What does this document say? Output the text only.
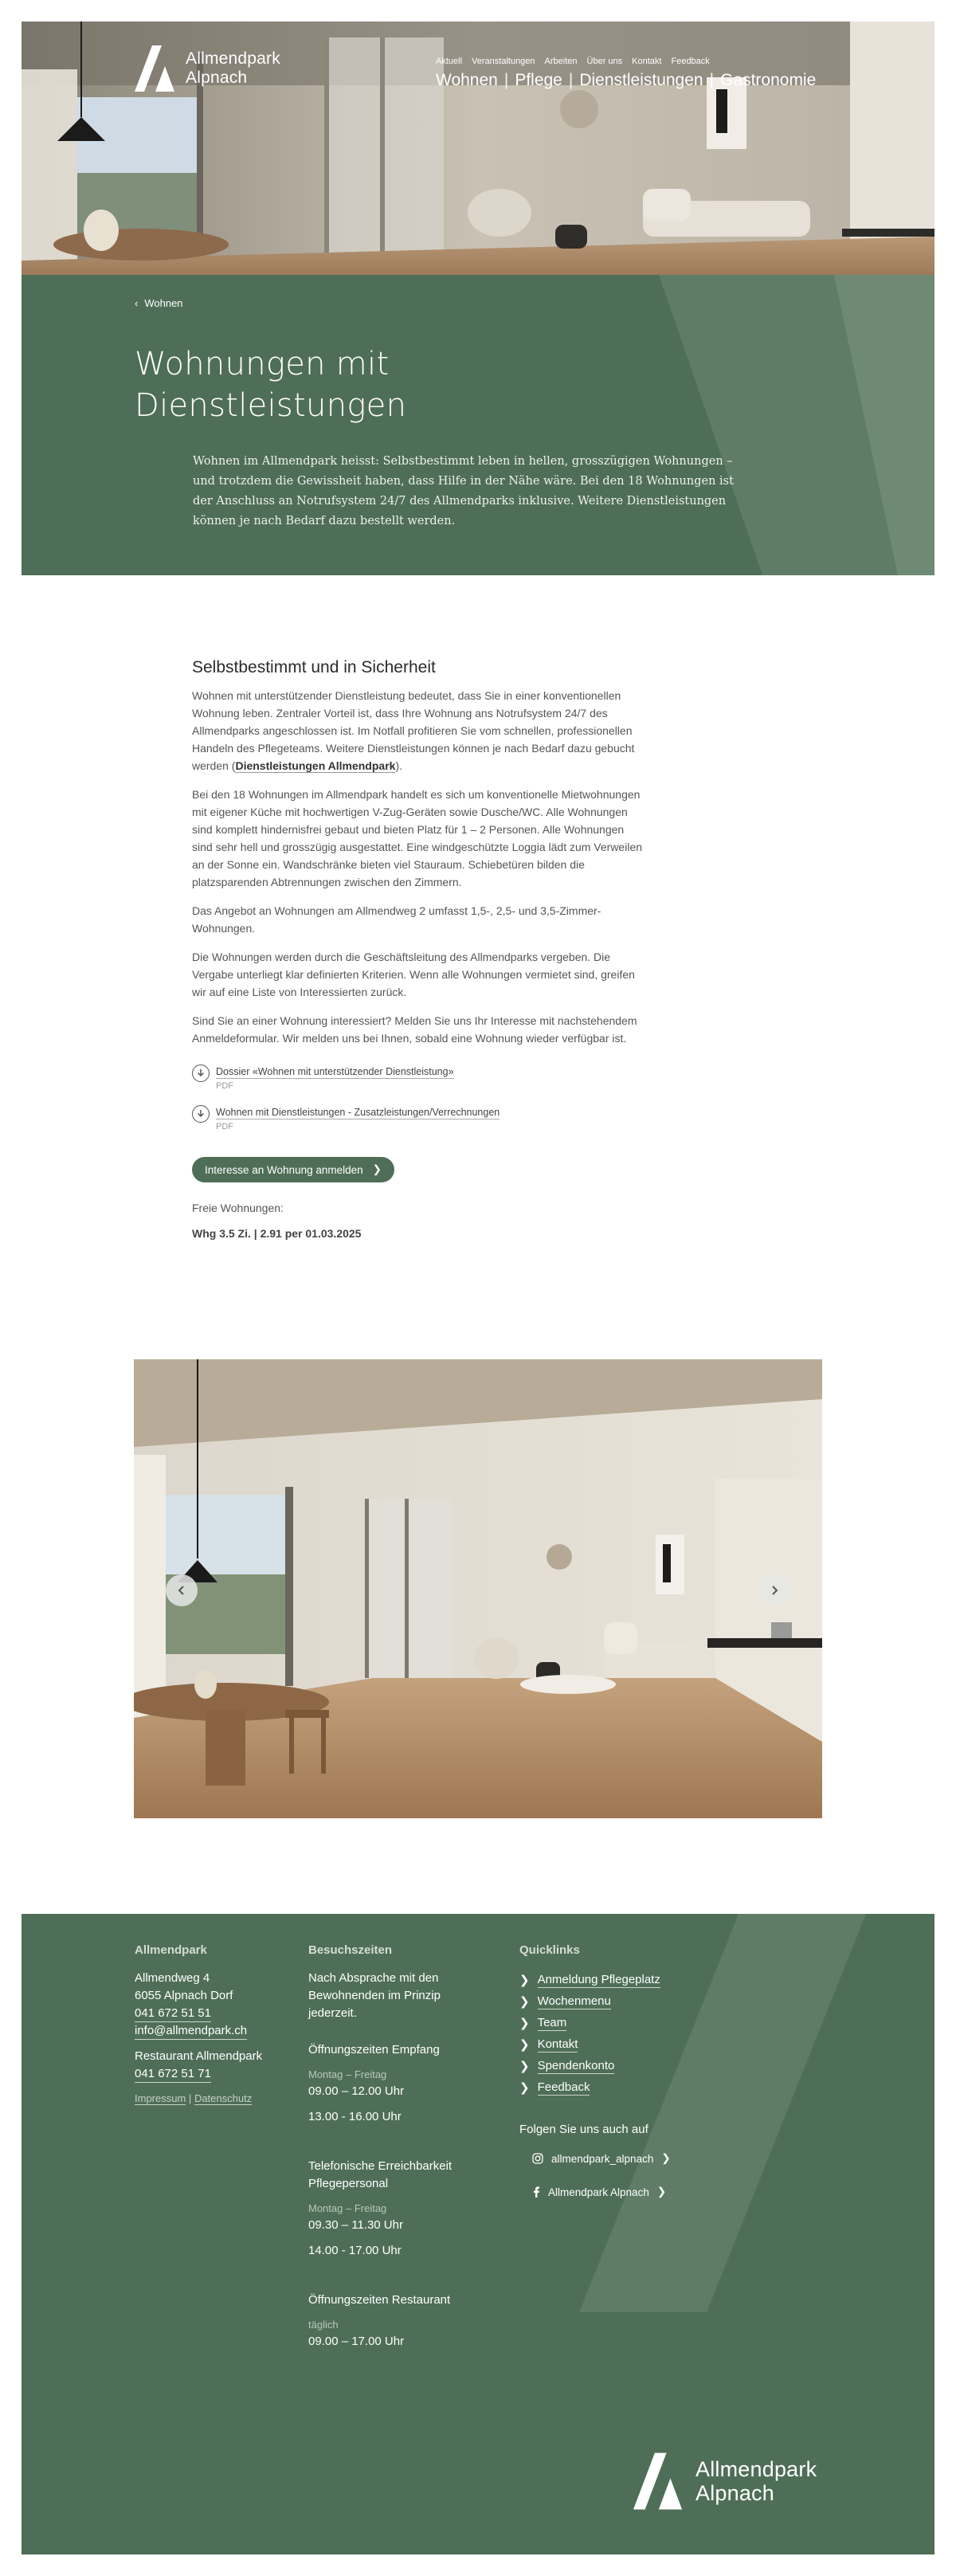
Allmendpark
Alpnach
Aktuell Veranstaltungen Arbeiten Über uns Kontakt Feedback
Wohnen | Pflege | Dienstleistungen | Gastronomie
‹ Wohnen
Wohnungen mit
Dienstleistungen

Wohnen im Allmendpark heisst: Selbstbestimmt leben in hellen, grosszügigen Wohnungen – und trotzdem die Gewissheit haben, dass Hilfe in der Nähe wäre. Bei den 18 Wohnungen ist der Anschluss an Notrufsystem 24/7 des Allmendparks inklusive. Weitere Dienstleistungen können je nach Bedarf dazu bestellt werden.

Selbstbestimmt und in Sicherheit

Wohnen mit unterstützender Dienstleistung bedeutet, dass Sie in einer konventionellen Wohnung leben. Zentraler Vorteil ist, dass Ihre Wohnung ans Notrufsystem 24/7 des Allmendparks angeschlossen ist. Im Notfall profitieren Sie vom schnellen, professionellen Handeln des Pflegeteams. Weitere Dienstleistungen können je nach Bedarf dazu gebucht werden (Dienstleistungen Allmendpark).

Bei den 18 Wohnungen im Allmendpark handelt es sich um konventionelle Mietwohnungen mit eigener Küche mit hochwertigen V-Zug-Geräten sowie Dusche/WC. Alle Wohnungen sind komplett hindernisfrei gebaut und bieten Platz für 1 – 2 Personen. Alle Wohnungen sind sehr hell und grosszügig ausgestattet. Eine windgeschützte Loggia lädt zum Verweilen an der Sonne ein. Wandschränke bieten viel Stauraum. Schiebetüren bilden die platzsparenden Abtrennungen zwischen den Zimmern.

Das Angebot an Wohnungen am Allmendweg 2 umfasst 1,5-, 2,5- und 3,5-Zimmer-Wohnungen.

Die Wohnungen werden durch die Geschäftsleitung des Allmendparks vergeben. Die Vergabe unterliegt klar definierten Kriterien. Wenn alle Wohnungen vermietet sind, greifen wir auf eine Liste von Interessierten zurück.

Sind Sie an einer Wohnung interessiert? Melden Sie uns Ihr Interesse mit nachstehendem Anmeldeformular. Wir melden uns bei Ihnen, sobald eine Wohnung wieder verfügbar ist.

Dossier «Wohnen mit unterstützender Dienstleistung»
PDF
Wohnen mit Dienstleistungen - Zusatzleistungen/Verrechnungen
PDF
Interesse an Wohnung anmelden ❯
Freie Wohnungen:
Whg 3.5 Zi. | 2.91 per 01.03.2025
Allmendpark
Allmendweg 4
6055 Alpnach Dorf
041 672 51 51
info@allmendpark.ch
Restaurant Allmendpark
041 672 51 71
Impressum | Datenschutz
Besuchszeiten
Nach Absprache mit den Bewohnenden im Prinzip jederzeit.
Öffnungszeiten Empfang
Montag – Freitag
09.00 – 12.00 Uhr
13.00 - 16.00 Uhr
Telefonische Erreichbarkeit Pflegepersonal
Montag – Freitag
09.30 – 11.30 Uhr
14.00 - 17.00 Uhr
Öffnungszeiten Restaurant
täglich
09.00 – 17.00 Uhr
Quicklinks
❯ Anmeldung Pflegeplatz
❯ Wochenmenu
❯ Team
❯ Kontakt
❯ Spendenkonto
❯ Feedback
Folgen Sie uns auch auf
allmendpark_alpnach ❯
Allmendpark Alpnach ❯
Allmendpark
Alpnach
